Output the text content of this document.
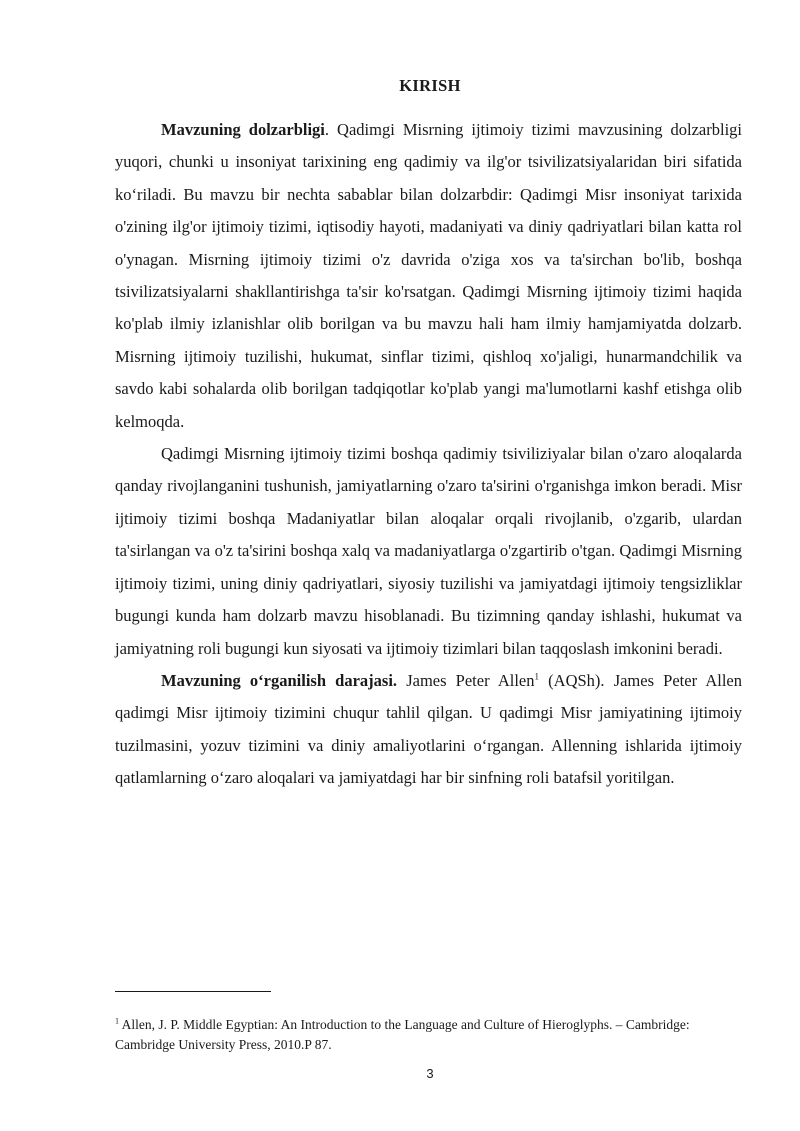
KIRISH

Mavzuning dolzarbligi. Qadimgi Misrning ijtimoiy tizimi mavzusining dolzarbligi yuqori, chunki u insoniyat tarixining eng qadimiy va ilg'or tsivilizatsiyalaridan biri sifatida ko‘riladi. Bu mavzu bir nechta sabablar bilan dolzarbdir: Qadimgi Misr insoniyat tarixida o'zining ilg'or ijtimoiy tizimi, iqtisodiy hayoti, madaniyati va diniy qadriyatlari bilan katta rol o'ynagan. Misrning ijtimoiy tizimi o'z davrida o'ziga xos va ta'sirchan bo'lib, boshqa tsivilizatsiyalarni shakllantirishga ta'sir ko'rsatgan. Qadimgi Misrning ijtimoiy tizimi haqida ko'plab ilmiy izlanishlar olib borilgan va bu mavzu hali ham ilmiy hamjamiyatda dolzarb. Misrning ijtimoiy tuzilishi, hukumat, sinflar tizimi, qishloq xo'jaligi, hunarmandchilik va savdo kabi sohalarda olib borilgan tadqiqotlar ko'plab yangi ma'lumotlarni kashf etishga olib kelmoqda.

Qadimgi Misrning ijtimoiy tizimi boshqa qadimiy tsiviliziyalar bilan o'zaro aloqalarda qanday rivojlanganini tushunish, jamiyatlarning o'zaro ta'sirini o'rganishga imkon beradi. Misr ijtimoiy tizimi boshqa Madaniyatlar bilan aloqalar orqali rivojlanib, o'zgarib, ulardan ta'sirlangan va o'z ta'sirini boshqa xalq va madaniyatlarga o'zgartirib o'tgan. Qadimgi Misrning ijtimoiy tizimi, uning diniy qadriyatlari, siyosiy tuzilishi va jamiyatdagi ijtimoiy tengsizliklar bugungi kunda ham dolzarb mavzu hisoblanadi. Bu tizimning qanday ishlashi, hukumat va jamiyatning roli bugungi kun siyosati va ijtimoiy tizimlari bilan taqqoslash imkonini beradi.

Mavzuning o‘rganilish darajasi. James Peter Allen$^1$ (AQSh). James Peter Allen qadimgi Misr ijtimoiy tizimini chuqur tahlil qilgan. U qadimgi Misr jamiyatining ijtimoiy tuzilmasini, yozuv tizimini va diniy amaliyotlarini o‘rgangan. Allenning ishlarida ijtimoiy qatlamlarning o‘zaro aloqalari va jamiyatdagi har bir sinfning roli batafsil yoritilgan.

$^1$ Allen, J. P. Middle Egyptian: An Introduction to the Language and Culture of Hieroglyphs. – Cambridge: Cambridge University Press, 2010.P 87.

3
